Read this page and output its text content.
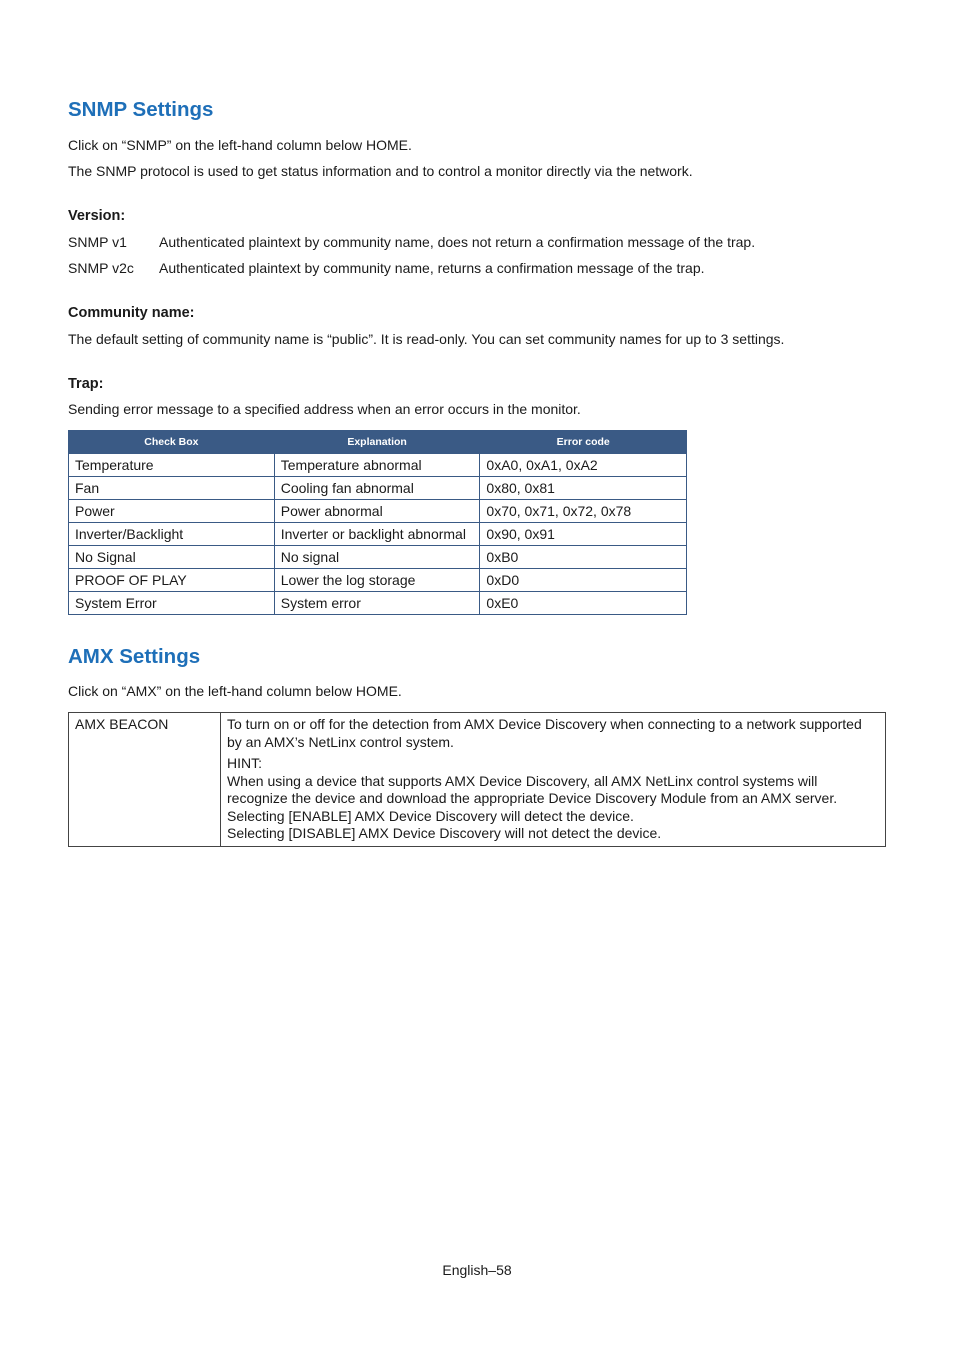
SNMP Settings

Click on “SNMP” on the left-hand column below HOME.

The SNMP protocol is used to get status information and to control a monitor directly via the network.

Version:
SNMP v1 Authenticated plaintext by community name, does not return a confirmation message of the trap.
SNMP v2c Authenticated plaintext by community name, returns a confirmation message of the trap.
Community name:

The default setting of community name is “public”. It is read-only. You can set community names for up to 3 settings.

Trap:

Sending error message to a specified address when an error occurs in the monitor.

Check Box	Explanation	Error code
Temperature	Temperature abnormal	0xA0, 0xA1, 0xA2
Fan	Cooling fan abnormal	0x80, 0x81
Power	Power abnormal	0x70, 0x71, 0x72, 0x78
Inverter/Backlight	Inverter or backlight abnormal	0x90, 0x91
No Signal	No signal	0xB0
PROOF OF PLAY	Lower the log storage	0xD0
System Error	System error	0xE0
AMX Settings

Click on “AMX” on the left-hand column below HOME.

AMX BEACON	To turn on or off for the detection from AMX Device Discovery when connecting to a network supported by an AMX’s NetLinx control system.

HINT:

When using a device that supports AMX Device Discovery, all AMX NetLinx control systems will recognize the device and download the appropriate Device Discovery Module from an AMX server.

Selecting [ENABLE] AMX Device Discovery will detect the device.

Selecting [DISABLE] AMX Device Discovery will not detect the device.

English–58
